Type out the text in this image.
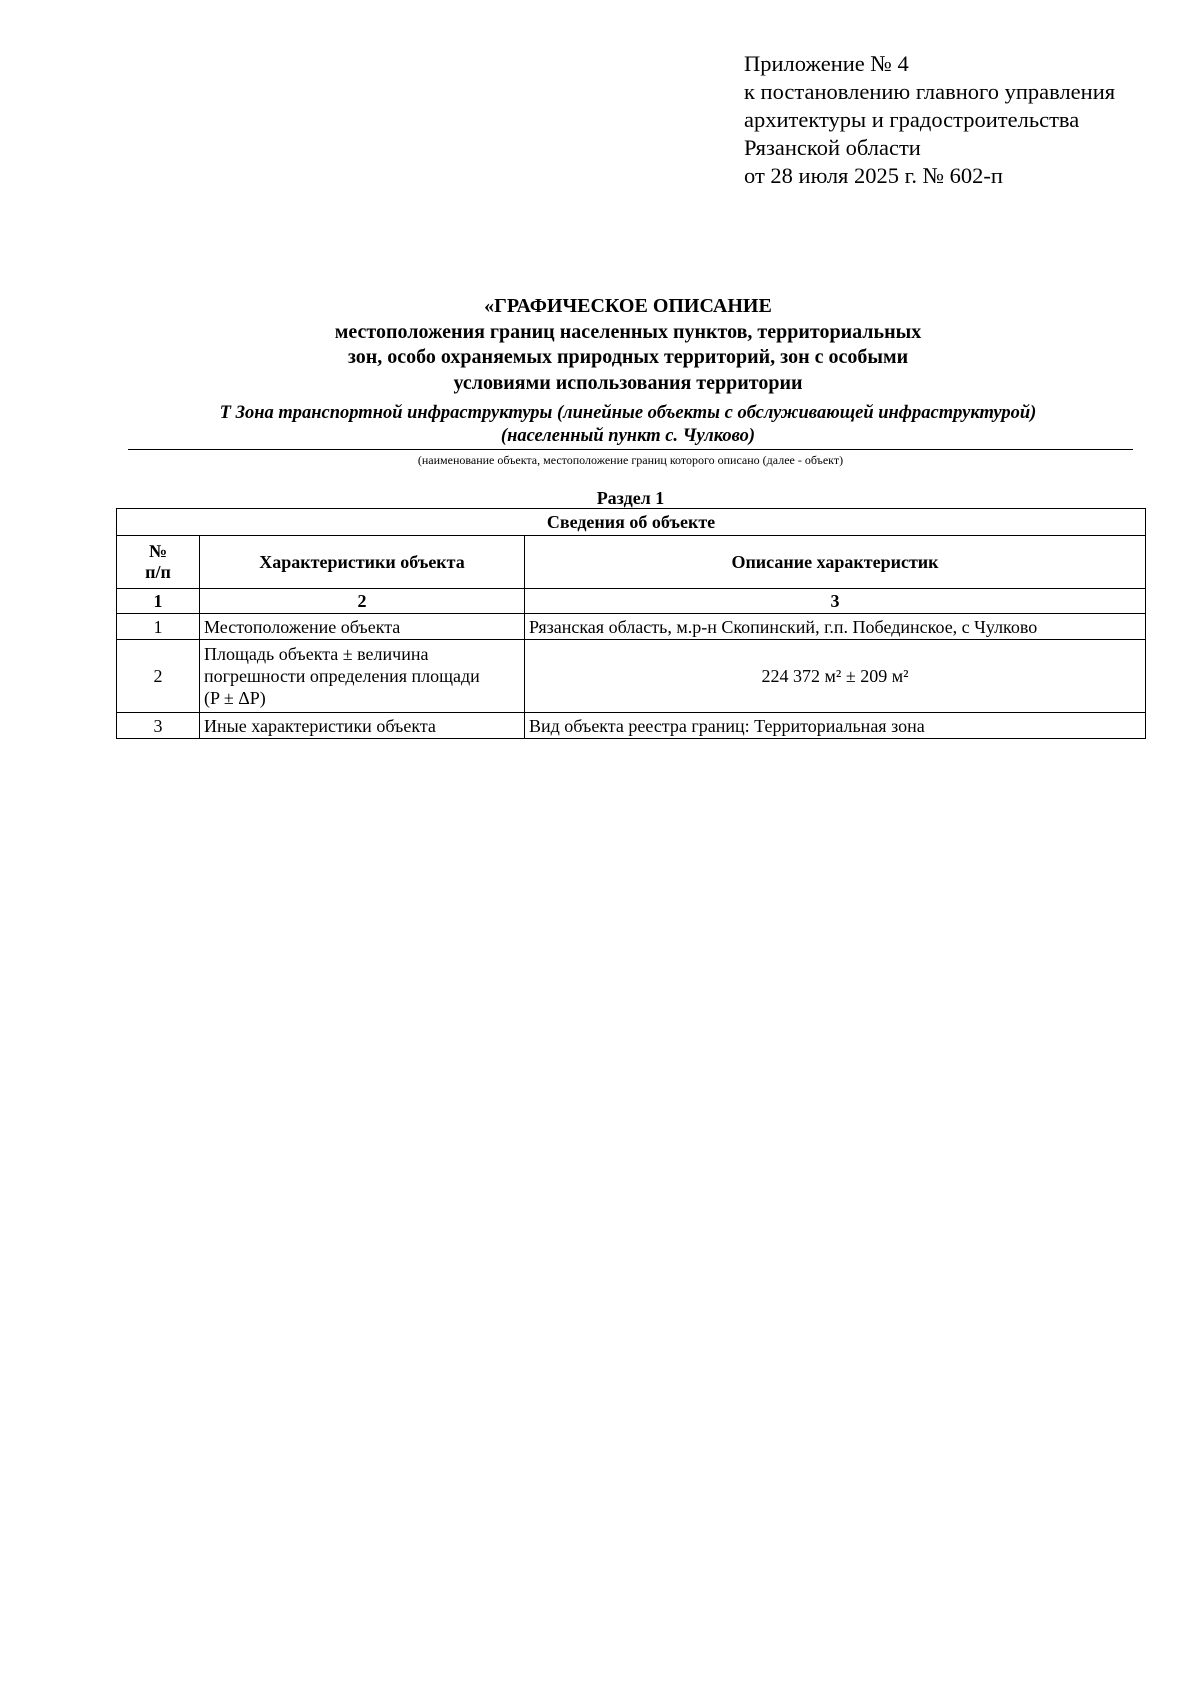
Приложение № 4
к постановлению главного управления
архитектуры и градостроительства
Рязанской области
от 28 июля 2025 г. № 602-п
«ГРАФИЧЕСКОЕ ОПИСАНИЕ
местоположения границ населенных пунктов, территориальных
зон, особо охраняемых природных территорий, зон с особыми
условиями использования территории
Т Зона транспортной инфраструктуры (линейные объекты с обслуживающей инфраструктурой)
(населенный пункт с. Чулково)
(наименование объекта, местоположение границ которого описано (далее - объект)
Раздел 1
Сведения об объекте		

№
п/п	Характеристики объекта	Описание характеристик
1	2	3
1	Местоположение объекта	Рязанская область, м.р-н Скопинский, г.п. Побединское, с Чулково
2	Площадь объекта ± величина
погрешности определения площади
(P ± ΔP)	224 372 м² ± 209 м²
3	Иные характеристики объекта	Вид объекта реестра границ: Территориальная зона
